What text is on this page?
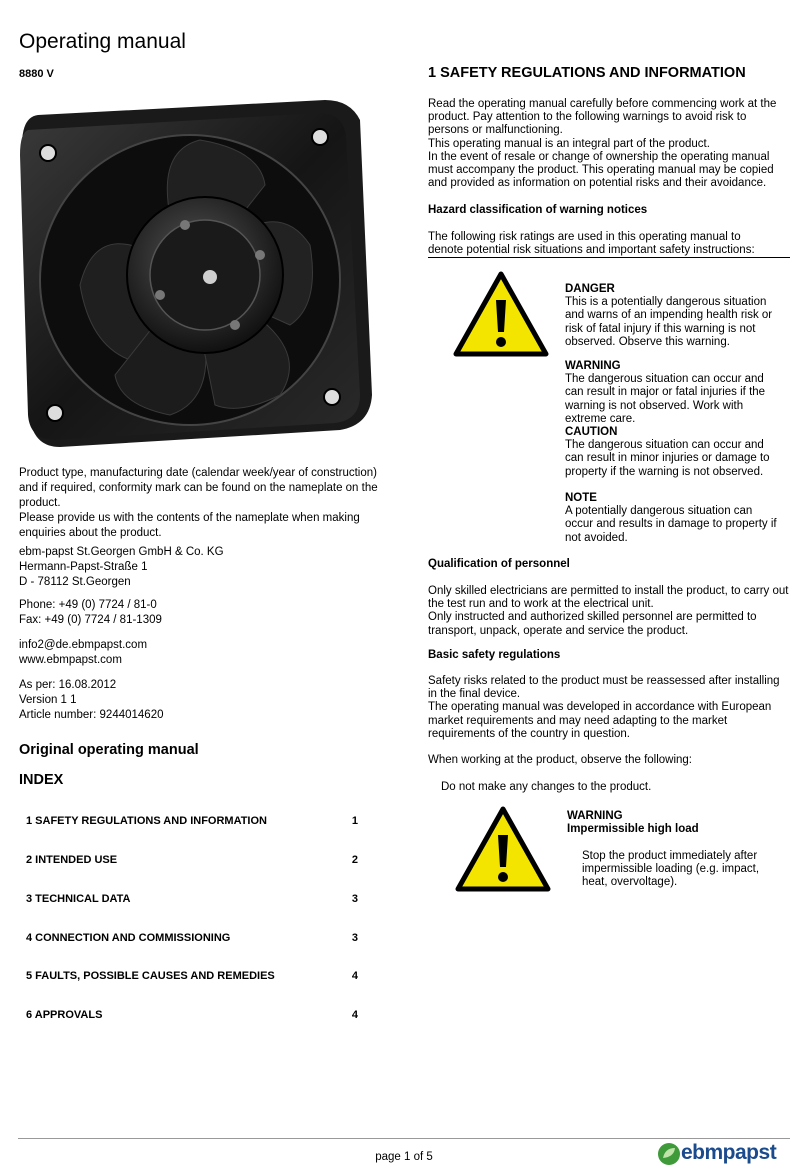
Operating manual
8880 V

Product type, manufacturing date (calendar week/year of construction) and if required, conformity mark can be found on the nameplate on the product.

Please provide us with the contents of the nameplate when making enquiries about the product.

ebm-papst St.Georgen GmbH & Co. KG

Hermann-Papst-Straße 1

D - 78112 St.Georgen

Phone: +49 (0) 7724 / 81-0

Fax: +49 (0) 7724 / 81-1309

info2@de.ebmpapst.com

www.ebmpapst.com

As per: 16.08.2012

Version 1 1

Article number: 9244014620

Original operating manual
INDEX
1 SAFETY REGULATIONS AND INFORMATION	1
2 INTENDED USE	2
3 TECHNICAL DATA	3
4 CONNECTION AND COMMISSIONING	3
5 FAULTS, POSSIBLE CAUSES AND REMEDIES	4
6 APPROVALS	4
1 SAFETY REGULATIONS AND INFORMATION

Read the operating manual carefully before commencing work at the product. Pay attention to the following warnings to avoid risk to persons or malfunctioning.

This operating manual is an integral part of the product.

In the event of resale or change of ownership the operating manual must accompany the product. This operating manual may be copied and provided as information on potential risks and their avoidance.

Hazard classification of warning notices
The following risk ratings are used in this operating manual to denote potential risk situations and important safety instructions:
DANGER
This is a potentially dangerous situation and warns of an impending health risk or risk of fatal injury if this warning is not observed. Observe this warning.
WARNING
The dangerous situation can occur and can result in major or fatal injuries if the warning is not observed. Work with extreme care.
CAUTION
The dangerous situation can occur and can result in minor injuries or damage to property if the warning is not observed.
NOTE
A potentially dangerous situation can occur and results in damage to property if not avoided.
Qualification of personnel

Only skilled electricians are permitted to install the product, to carry out the test run and to work at the electrical unit.

Only instructed and authorized skilled personnel are permitted to transport, unpack, operate and service the product.

Basic safety regulations

Safety risks related to the product must be reassessed after installing in the final device.

The operating manual was developed in accordance with European market requirements and may need adapting to the market requirements of the country in question.

When working at the product, observe the following:
Do not make any changes to the product.
WARNING
Impermissible high load
Stop the product immediately after impermissible loading (e.g. impact, heat, overvoltage).
page 1 of 5	ebmpapst
